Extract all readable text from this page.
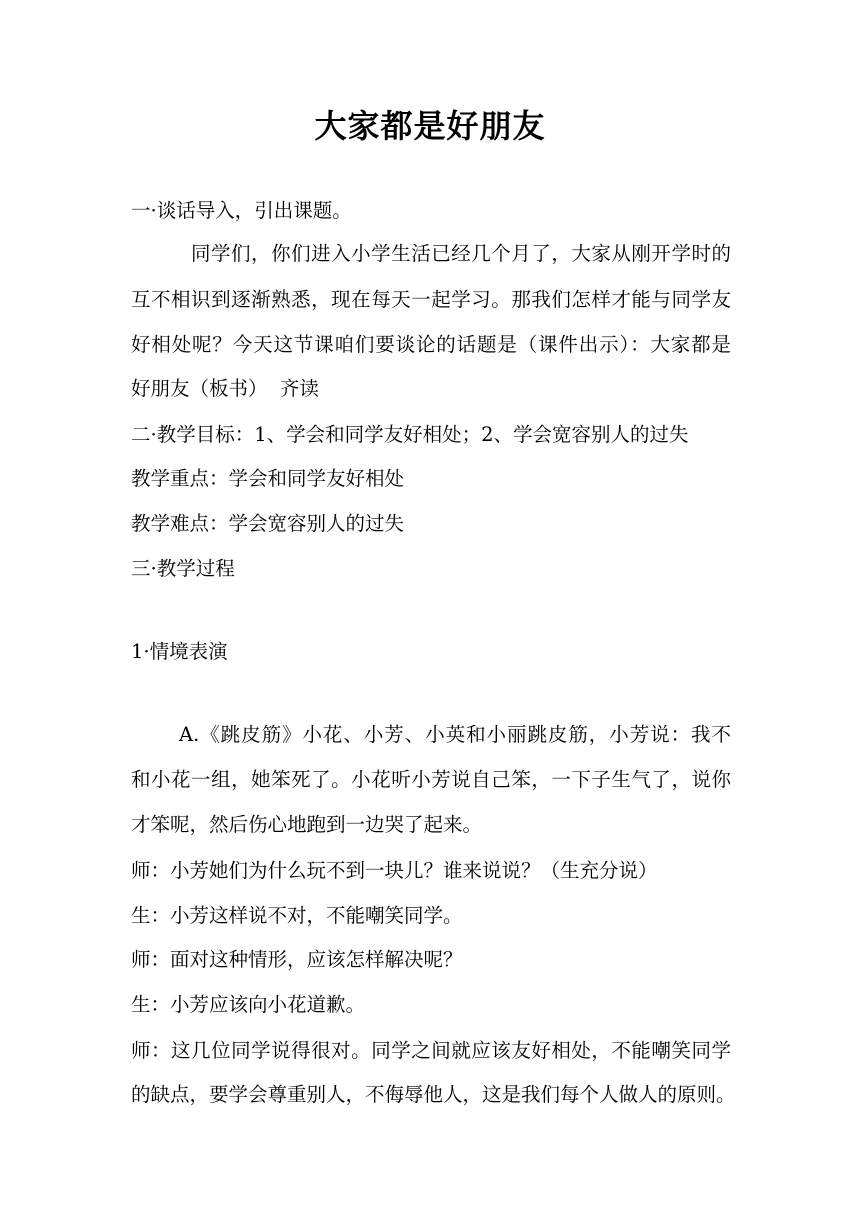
大家都是好朋友

一·谈话导入，引出课题。

同学们，你们进入小学生活已经几个月了，大家从刚开学时的

互不相识到逐渐熟悉，现在每天一起学习。那我们怎样才能与同学友

好相处呢？今天这节课咱们要谈论的话题是（课件出示）：大家都是

好朋友（板书）  齐读

二·教学目标：1、学会和同学友好相处；2、学会宽容别人的过失

教学重点：学会和同学友好相处

教学难点：学会宽容别人的过失

三·教学过程

1·情境表演

A.《跳皮筋》小花、小芳、小英和小丽跳皮筋，小芳说：我不

和小花一组，她笨死了。小花听小芳说自己笨，一下子生气了，说你

才笨呢，然后伤心地跑到一边哭了起来。

师：小芳她们为什么玩不到一块儿？谁来说说？（生充分说）

生：小芳这样说不对，不能嘲笑同学。

师：面对这种情形，应该怎样解决呢？

生：小芳应该向小花道歉。

师：这几位同学说得很对。同学之间就应该友好相处，不能嘲笑同学

的缺点，要学会尊重别人，不侮辱他人，这是我们每个人做人的原则。
